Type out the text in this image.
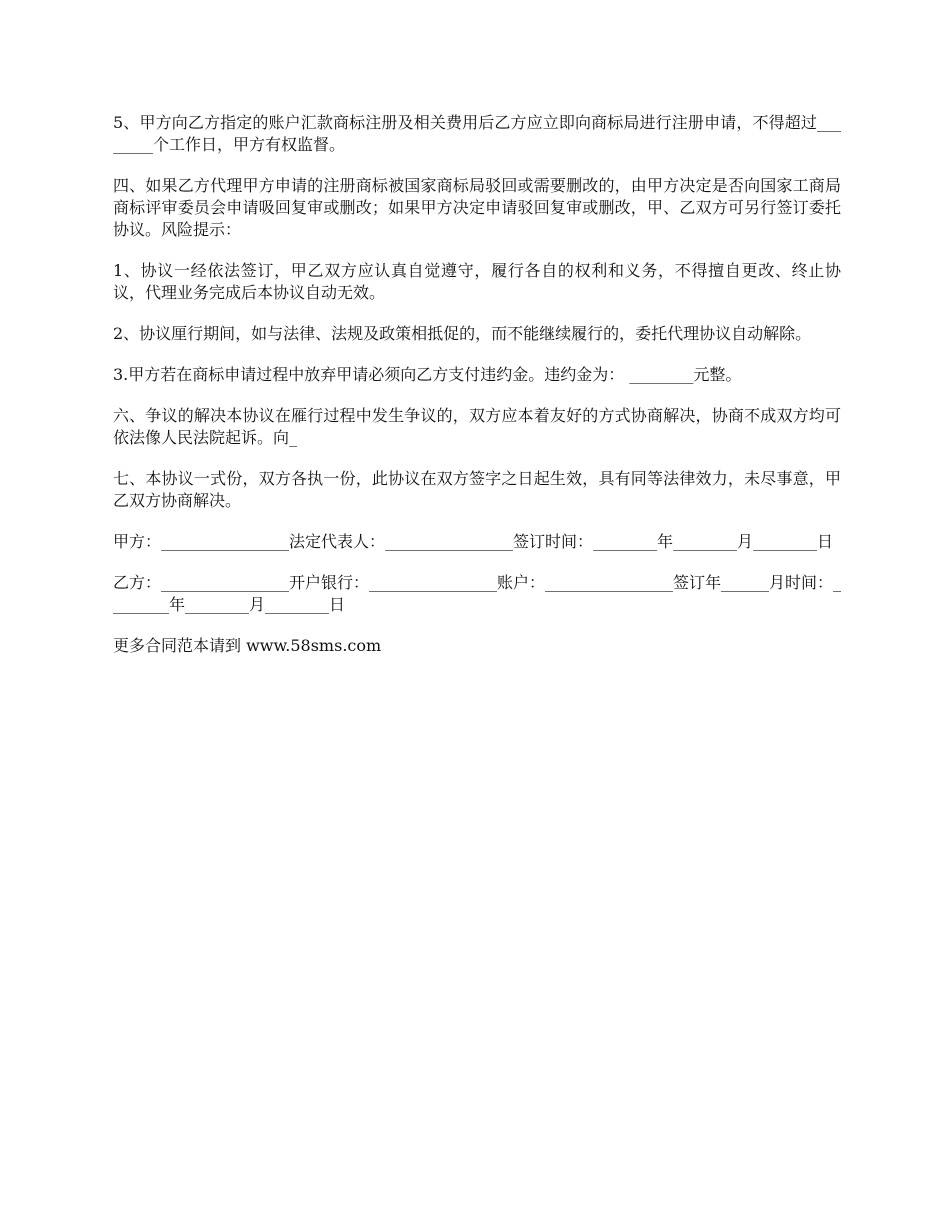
5、甲方向乙方指定的账户汇款商标注册及相关费用后乙方应立即向商标局进行注册申请，不得超过________个工作日，甲方有权监督。

四、如果乙方代理甲方申请的注册商标被国家商标局驳回或需要删改的，由甲方决定是否向国家工商局商标评审委员会申请吸回复审或删改；如果甲方决定申请驳回复审或删改，甲、乙双方可另行签订委托协议。风险提示：

1、协议一经依法签订，甲乙双方应认真自觉遵守，履行各自的权利和义务，不得擅自更改、终止协议，代理业务完成后本协议自动无效。

2、协议厘行期间，如与法律、法规及政策相抵促的，而不能继续履行的，委托代理协议自动解除。

3.甲方若在商标申请过程中放弃甲请必须向乙方支付违约金。违约金为： ________元整。

六、争议的解决本协议在雁行过程中发生争议的，双方应本着友好的方式协商解决，协商不成双方均可依法像人民法院起诉。向_

七、本协议一式份，双方各执一份，此协议在双方签字之日起生效，具有同等法律效力，未尽事意，甲乙双方协商解决。

甲方：________________法定代表人：________________签订时间：________年________月________日

乙方：________________开户银行：________________账户：________________签订年______月时间：________年________月________日

更多合同范本请到 www.58sms.com
